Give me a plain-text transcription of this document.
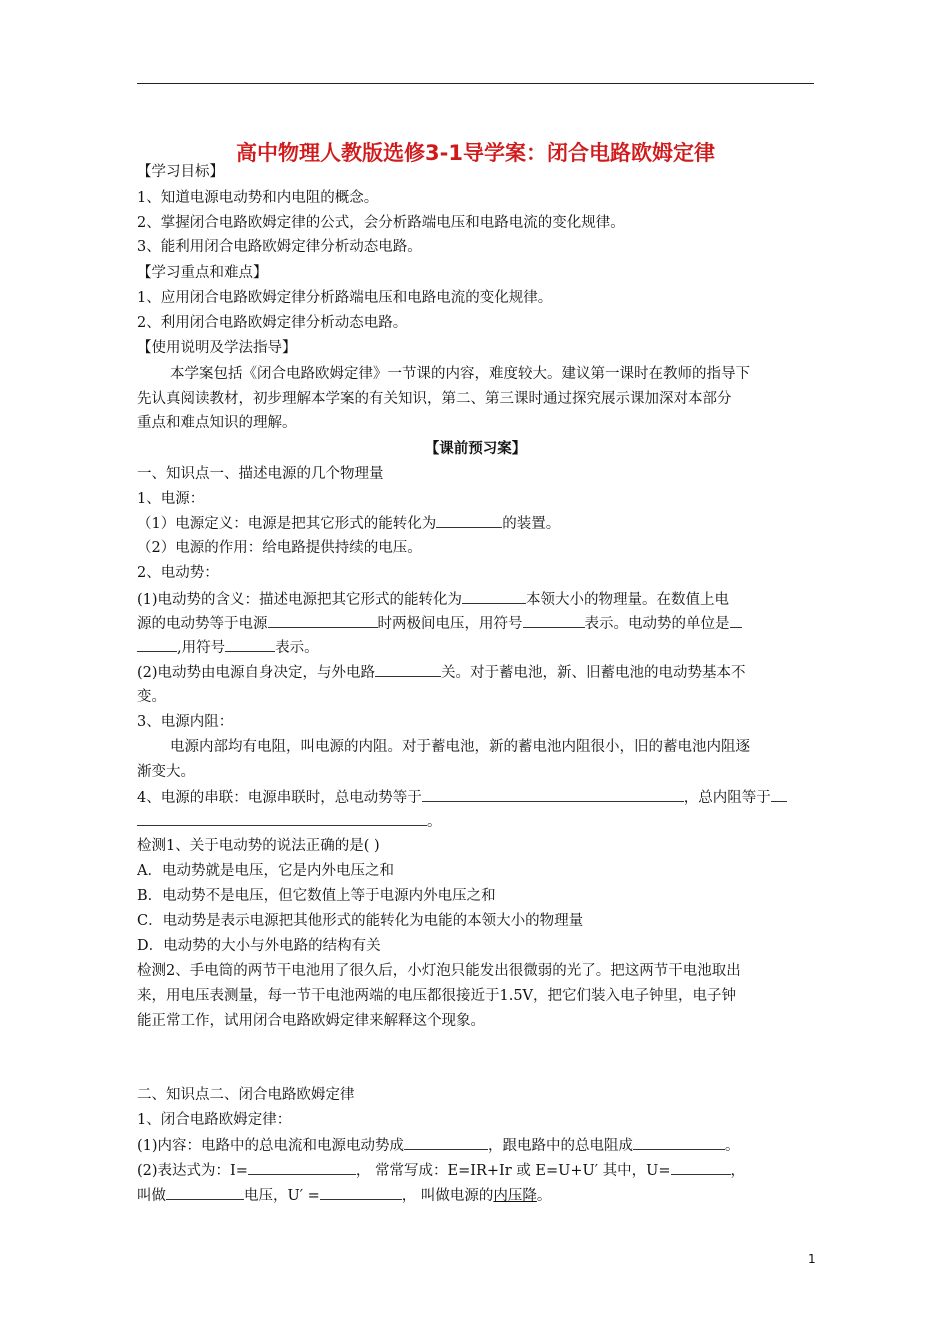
高中物理人教版选修3-1导学案：闭合电路欧姆定律
【学习目标】
1、知道电源电动势和内电阻的概念。
2、掌握闭合电路欧姆定律的公式，会分析路端电压和电路电流的变化规律。
3、能利用闭合电路欧姆定律分析动态电路。
【学习重点和难点】
1、应用闭合电路欧姆定律分析路端电压和电路电流的变化规律。
2、利用闭合电路欧姆定律分析动态电路。
【使用说明及学法指导】
本学案包括《闭合电路欧姆定律》一节课的内容，难度较大。建议第一课时在教师的指导下
先认真阅读教材，初步理解本学案的有关知识，第二、第三课时通过探究展示课加深对本部分
重点和难点知识的理解。
【课前预习案】
一、知识点一、描述电源的几个物理量
1、电源：
（1）电源定义：电源是把其它形式的能转化为	的装置。
（2）电源的作用：给电路提供持续的电压。
2、电动势：
(1)电动势的含义：描述电源把其它形式的能转化为	本领大小的物理量。在数值上电
源的电动势等于电源	时两极间电压，用符号	表示。电动势的单位是
,用符号	表示。
(2)电动势由电源自身决定，与外电路	关。对于蓄电池，新、旧蓄电池的电动势基本不
变。
3、电源内阻：
电源内部均有电阻，叫电源的内阻。对于蓄电池，新的蓄电池内阻很小，旧的蓄电池内阻逐
渐变大。
4、电源的串联：电源串联时，总电动势等于	，总内阻等于
。
检测1、关于电动势的说法正确的是( )
A．电动势就是电压，它是内外电压之和
B．电动势不是电压，但它数值上等于电源内外电压之和
C．电动势是表示电源把其他形式的能转化为电能的本领大小的物理量
D．电动势的大小与外电路的结构有关
检测2、手电筒的两节干电池用了很久后，小灯泡只能发出很微弱的光了。把这两节干电池取出
来，用电压表测量，每一节干电池两端的电压都很接近于1.5V，把它们装入电子钟里，电子钟
能正常工作，试用闭合电路欧姆定律来解释这个现象。
二、知识点二、闭合电路欧姆定律
1、闭合电路欧姆定律：
(1)内容：电路中的总电流和电源电动势成	，跟电路中的总电阻成	。
(2)表达式为：I=	， 常常写成：E=IR+Ir 或 E=U+U′ 其中，U=	，
叫做	电压，U′ =	， 叫做电源的内压降。
1
